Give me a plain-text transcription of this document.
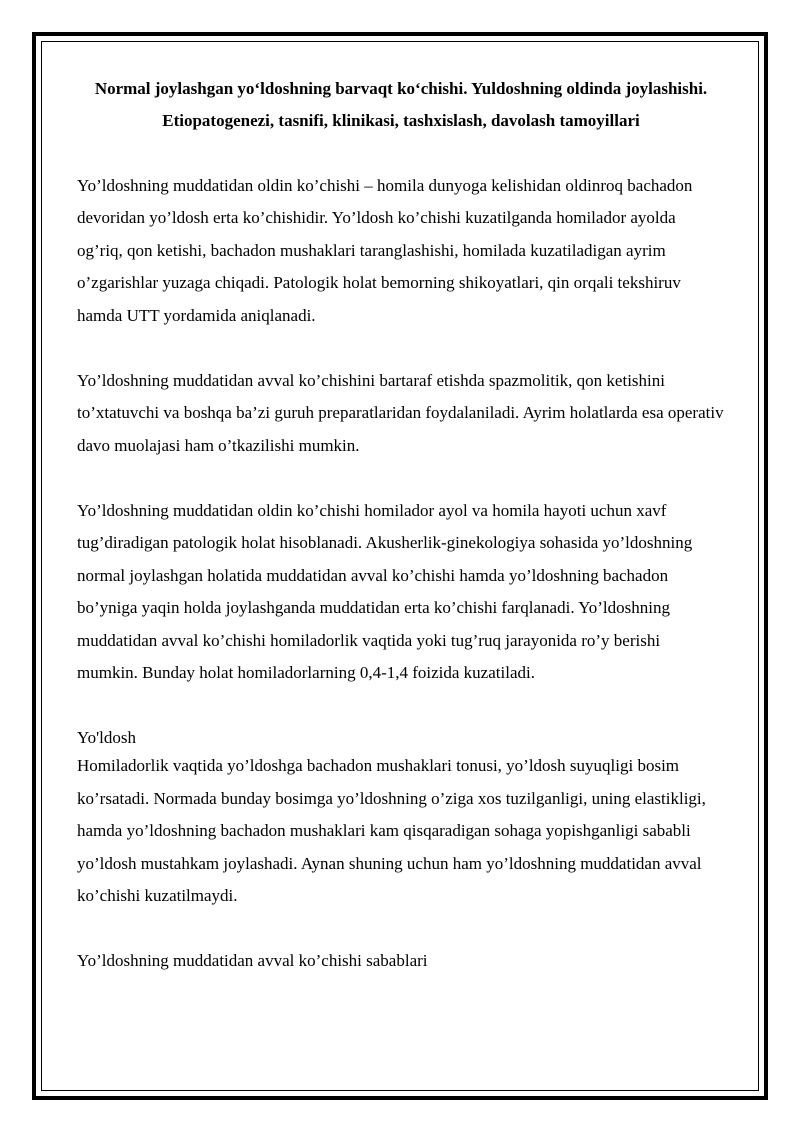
Normal joylashgan yo‘ldoshning barvaqt ko‘chishi. Yuldoshning oldinda joylashishi. Etiopatogenezi, tasnifi, klinikasi, tashxislash, davolash tamoyillari

Yo’ldoshning muddatidan oldin ko’chishi – homila dunyoga kelishidan oldinroq bachadon devoridan yo’ldosh erta ko’chishidir. Yo’ldosh ko’chishi kuzatilganda homilador ayolda og’riq, qon ketishi, bachadon mushaklari taranglashishi, homilada kuzatiladigan ayrim o’zgarishlar yuzaga chiqadi. Patologik holat bemorning shikoyatlari, qin orqali tekshiruv hamda UTT yordamida aniqlanadi.

Yo’ldoshning muddatidan avval ko’chishini bartaraf etishda spazmolitik, qon ketishini to’xtatuvchi va boshqa ba’zi guruh preparatlaridan foydalaniladi. Ayrim holatlarda esa operativ davo muolajasi ham o’tkazilishi mumkin.

Yo’ldoshning muddatidan oldin ko’chishi homilador ayol va homila hayoti uchun xavf tug’diradigan patologik holat hisoblanadi. Akusherlik-ginekologiya sohasida yo’ldoshning normal joylashgan holatida muddatidan avval ko’chishi hamda yo’ldoshning bachadon bo’yniga yaqin holda joylashganda muddatidan erta ko’chishi farqlanadi. Yo’ldoshning muddatidan avval ko’chishi homiladorlik vaqtida yoki tug’ruq jarayonida ro’y berishi mumkin. Bunday holat homiladorlarning 0,4-1,4 foizida kuzatiladi.

Yo'ldosh

Homiladorlik vaqtida yo’ldoshga bachadon mushaklari tonusi, yo’ldosh suyuqligi bosim ko’rsatadi. Normada bunday bosimga yo’ldoshning o’ziga xos tuzilganligi, uning elastikligi, hamda yo’ldoshning bachadon mushaklari kam qisqaradigan sohaga yopishganligi sababli yo’ldosh mustahkam joylashadi. Aynan shuning uchun ham yo’ldoshning muddatidan avval ko’chishi kuzatilmaydi.

Yo’ldoshning muddatidan avval ko’chishi sabablari
